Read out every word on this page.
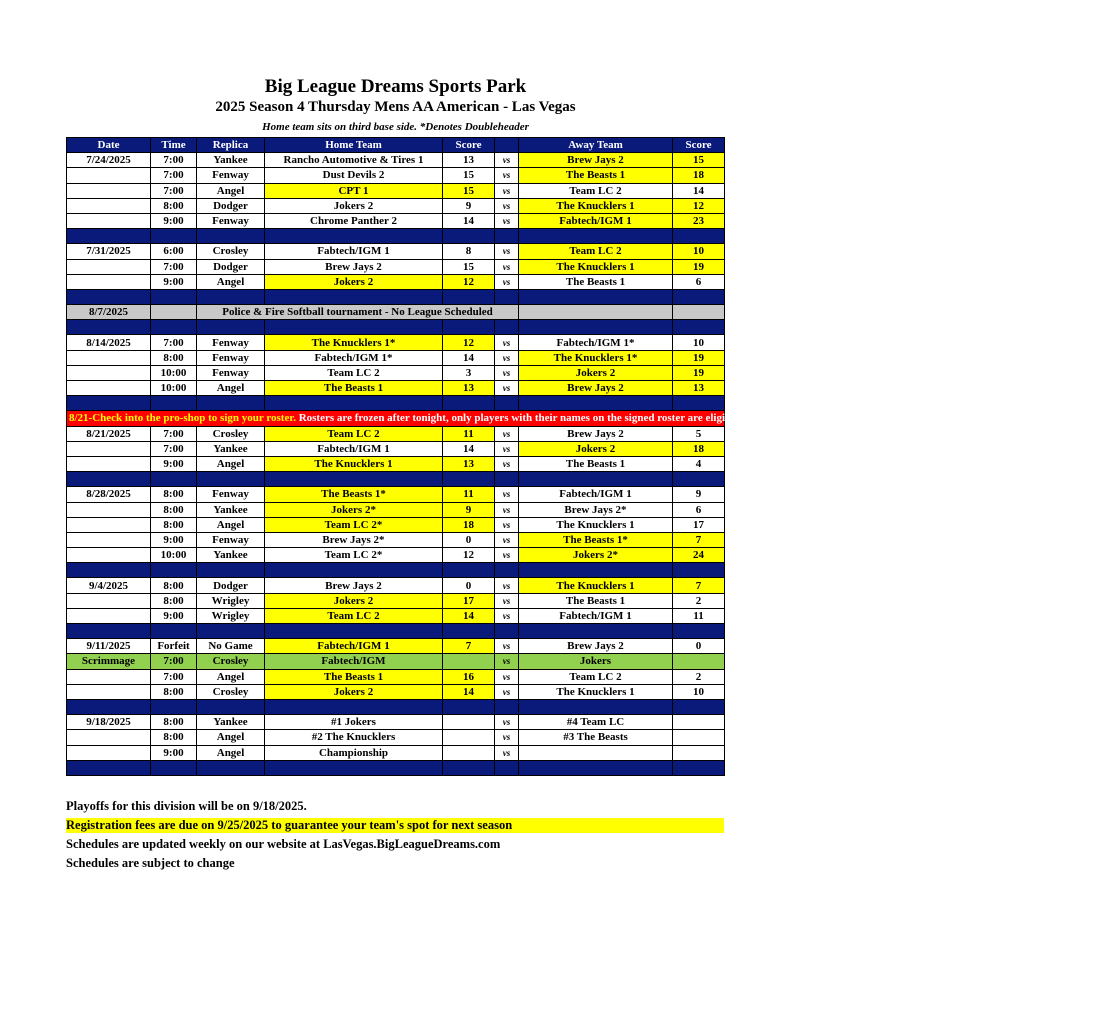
Big League Dreams Sports Park
2025 Season 4 Thursday Mens AA American - Las Vegas
Home team sits on third base side. *Denotes Doubleheader
Date	Time	Replica	Home Team	Score		Away Team	Score
7/24/2025	7:00	Yankee	Rancho Automotive & Tires 1	13	vs	Brew Jays 2	15
	7:00	Fenway	Dust Devils 2	15	vs	The Beasts 1	18
	7:00	Angel	CPT 1	15	vs	Team LC 2	14
	8:00	Dodger	Jokers 2	9	vs	The Knucklers 1	12
	9:00	Fenway	Chrome Panther 2	14	vs	Fabtech/IGM 1	23

7/31/2025	6:00	Crosley	Fabtech/IGM 1	8	vs	Team LC 2	10
	7:00	Dodger	Brew Jays 2	15	vs	The Knucklers 1	19
	9:00	Angel	Jokers 2	12	vs	The Beasts 1	6

8/7/2025		Police & Fire Softball tournament - No League Scheduled					

8/14/2025	7:00	Fenway	The Knucklers 1*	12	vs	Fabtech/IGM 1*	10
	8:00	Fenway	Fabtech/IGM 1*	14	vs	The Knucklers 1*	19
	10:00	Fenway	Team LC 2	3	vs	Jokers 2	19
	10:00	Angel	The Beasts 1	13	vs	Brew Jays 2	13

8/21-Check into the pro-shop to sign your roster. Rosters are frozen after tonight, only players with their names on the signed roster are eligible for playoffs. Please check carefully as changes will not be made for omissions.							
8/21/2025	7:00	Crosley	Team LC 2	11	vs	Brew Jays 2	5
	7:00	Yankee	Fabtech/IGM 1	14	vs	Jokers 2	18
	9:00	Angel	The Knucklers 1	13	vs	The Beasts 1	4

8/28/2025	8:00	Fenway	The Beasts 1*	11	vs	Fabtech/IGM 1	9
	8:00	Yankee	Jokers 2*	9	vs	Brew Jays 2*	6
	8:00	Angel	Team LC 2*	18	vs	The Knucklers 1	17
	9:00	Fenway	Brew Jays 2*	0	vs	The Beasts 1*	7
	10:00	Yankee	Team LC 2*	12	vs	Jokers 2*	24

9/4/2025	8:00	Dodger	Brew Jays 2	0	vs	The Knucklers 1	7
	8:00	Wrigley	Jokers 2	17	vs	The Beasts 1	2
	9:00	Wrigley	Team LC 2	14	vs	Fabtech/IGM 1	11

9/11/2025	Forfeit	No Game	Fabtech/IGM 1	7	vs	Brew Jays 2	0
Scrimmage	7:00	Crosley	Fabtech/IGM		vs	Jokers	
	7:00	Angel	The Beasts 1	16	vs	Team LC 2	2
	8:00	Crosley	Jokers 2	14	vs	The Knucklers 1	10

9/18/2025	8:00	Yankee	#1 Jokers		vs	#4 Team LC	
	8:00	Angel	#2 The Knucklers		vs	#3 The Beasts	
	9:00	Angel	Championship		vs		

Playoffs for this division will be on 9/18/2025.
Registration fees are due on 9/25/2025 to guarantee your team's spot for next season
Schedules are updated weekly on our website at LasVegas.BigLeagueDreams.com
Schedules are subject to change
